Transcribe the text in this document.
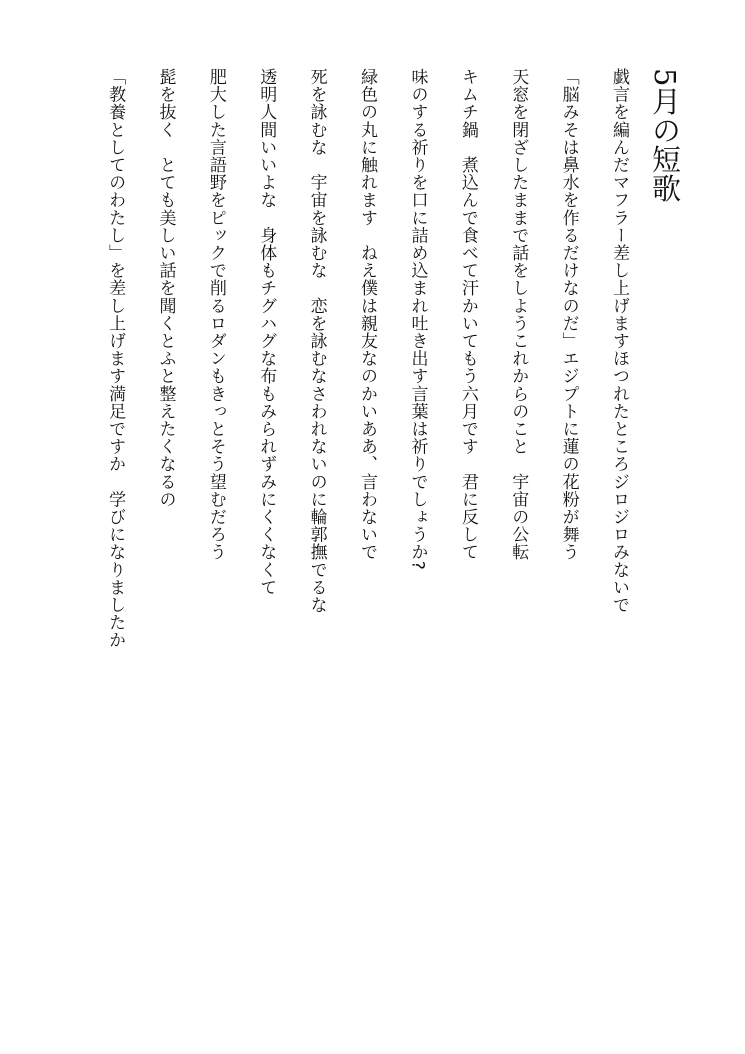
5月の短歌

戯言を編んだマフラー差し上げますほつれたところジロジロみないで

「脳みそは鼻水を作るだけなのだ」エジプトに蓮の花粉が舞う

天窓を閉ざしたままで話をしようこれからのこと　宇宙の公転

キムチ鍋　煮込んで食べて汗かいてもう六月です　君に反して

味のする祈りを口に詰め込まれ吐き出す言葉は祈りでしょうか?

緑色の丸に触れます　ねえ僕は親友なのかいああ、言わないで

死を詠むな　宇宙を詠むな　恋を詠むなさわれないのに輪郭撫でるな

透明人間いいよな　身体もチグハグな布もみられずみにくくなくて

肥大した言語野をピックで削るロダンもきっとそう望むだろう

髭を抜く　とても美しい話を聞くとふと整えたくなるの

「教養としてのわたし」を差し上げます満足ですか　学びになりましたか
